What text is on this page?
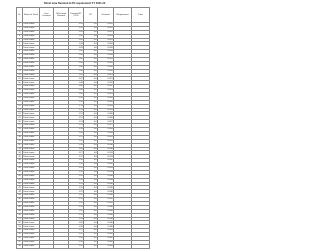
Tehsil wise Demand & PO requirement FY 2021-22
Sr.	Name of Tehsil	Cum. Demand	Tehsil wise Demand	Demand FY 21-22	PO	Demand	Requirement	Total
1	Tehsil name			1.01	0.0	0.012		
2	Tehsil name			1.01	0.0	0.012		
3	Tehsil name			1.01	0.0	0.012		
4	Tehsil name			1.02	0.0	0.015		
5	Tehsil name			1.02	0.0	0.015		
6	Tehsil name			1.03	0.0	0.016		
7	Tehsil name			1.03	0.0	0.016		
8	Tehsil name			1.04	0.0	0.018		
9	Tehsil name			1.04	0.0	0.018		
10	Tehsil name			1.05	0.0	0.019		
11	Tehsil name			1.05	0.0	0.019		
12	Tehsil name			1.06	0.0	0.020		
13	Tehsil name			1.06	0.0	0.020		
14	Tehsil name			1.07	0.0	0.021		
15	Tehsil name			1.07	0.0	0.021		
16	Tehsil name			1.08	0.0	0.022		
17	Tehsil name			1.08	0.0	0.022		
18	Tehsil name			1.09	0.0	0.023		
19	Tehsil name			1.09	0.0	0.023		
20	Tehsil name			1.10	0.0	0.024		
21	Tehsil name			1.10	0.0	0.024		
22	Tehsil name			1.11	0.0	0.025		
23	Tehsil name			1.11	0.0	0.025		
24	Tehsil name			1.12	0.0	0.026		
25	Tehsil name			1.12	0.0	0.026		
26	Tehsil name			1.13	0.0	0.027		
27	Tehsil name			1.13	0.0	0.027		
28	Tehsil name			1.14	0.0	0.028		
29	Tehsil name			1.14	0.0	0.028		
30	Tehsil name			1.15	0.0	0.029		
31	Tehsil name			1.15	0.0	0.029		
32	Tehsil name			1.16	0.0	0.030		
33	Tehsil name			1.16	0.0	0.030		
34	Tehsil name			1.17	0.0	0.031		
35	Tehsil name			1.17	0.0	0.031		
36	Tehsil name			1.18	0.0	0.032		
37	Tehsil name			1.18	0.0	0.032		
38	Tehsil name			1.19	0.0	0.033		
39	Tehsil name			1.19	0.0	0.033		
40	Tehsil name			1.20	0.0	0.034		
41	Tehsil name			1.20	0.0	0.034		
42	Tehsil name			1.21	0.0	0.035		
43	Tehsil name			1.21	0.0	0.035		
44	Tehsil name			1.22	0.0	0.036		
45	Tehsil name			1.22	0.0	0.036		
46	Tehsil name			1.23	0.0	0.037		
47	Tehsil name			1.23	0.0	0.037		
48	Tehsil name			1.24	0.0	0.038		
49	Tehsil name			1.24	0.0	0.038		
50	Tehsil name			1.25	0.0	0.039		
51	Tehsil name			1.25	0.0	0.039		
52	Tehsil name			1.26	0.0	0.040		
53	Tehsil name			1.26	0.0	0.040		
54	Tehsil name			1.27	0.0	0.041		
55	Tehsil name			1.27	0.0	0.041		
56	Tehsil name			1.28	0.0	0.042		
57	Tehsil name			1.28	0.0	0.042		
58	Tehsil name			1.29	0.0	0.043		
